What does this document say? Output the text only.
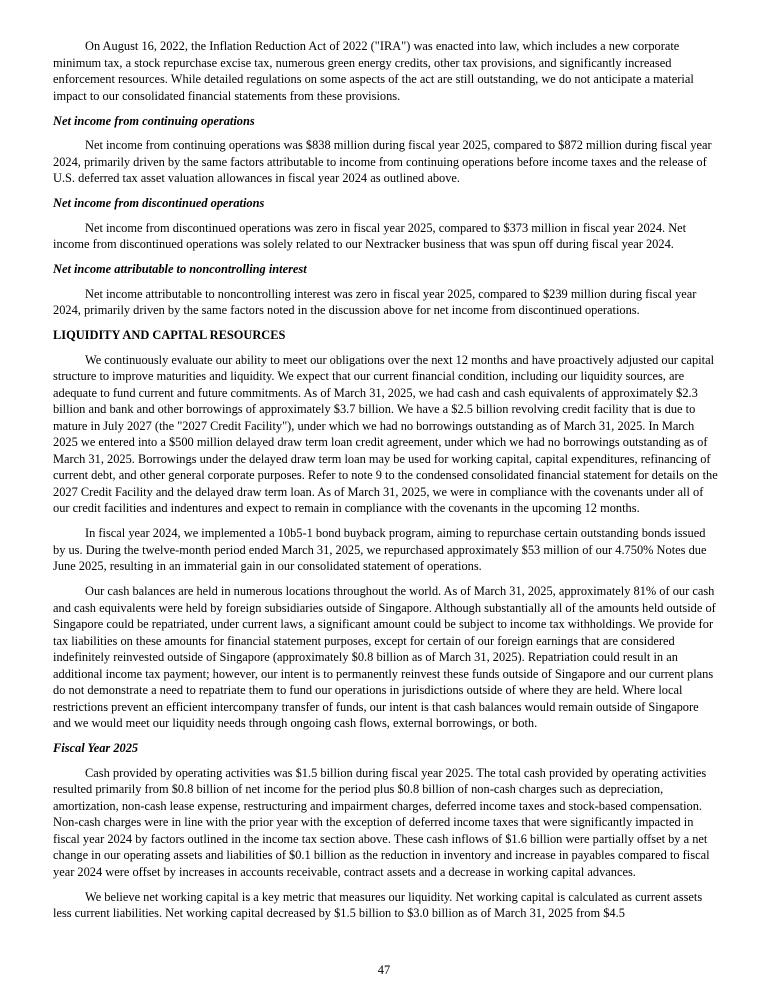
On August 16, 2022, the Inflation Reduction Act of 2022 ("IRA") was enacted into law, which includes a new corporate minimum tax, a stock repurchase excise tax, numerous green energy credits, other tax provisions, and significantly increased enforcement resources. While detailed regulations on some aspects of the act are still outstanding, we do not anticipate a material impact to our consolidated financial statements from these provisions.

Net income from continuing operations

Net income from continuing operations was $838 million during fiscal year 2025, compared to $872 million during fiscal year 2024, primarily driven by the same factors attributable to income from continuing operations before income taxes and the release of U.S. deferred tax asset valuation allowances in fiscal year 2024 as outlined above.

Net income from discontinued operations

Net income from discontinued operations was zero in fiscal year 2025, compared to $373 million in fiscal year 2024. Net income from discontinued operations was solely related to our Nextracker business that was spun off during fiscal year 2024.

Net income attributable to noncontrolling interest

Net income attributable to noncontrolling interest was zero in fiscal year 2025, compared to $239 million during fiscal year 2024, primarily driven by the same factors noted in the discussion above for net income from discontinued operations.

LIQUIDITY AND CAPITAL RESOURCES

We continuously evaluate our ability to meet our obligations over the next 12 months and have proactively adjusted our capital structure to improve maturities and liquidity. We expect that our current financial condition, including our liquidity sources, are adequate to fund current and future commitments. As of March 31, 2025, we had cash and cash equivalents of approximately $2.3 billion and bank and other borrowings of approximately $3.7 billion. We have a $2.5 billion revolving credit facility that is due to mature in July 2027 (the "2027 Credit Facility"), under which we had no borrowings outstanding as of March 31, 2025. In March 2025 we entered into a $500 million delayed draw term loan credit agreement, under which we had no borrowings outstanding as of March 31, 2025. Borrowings under the delayed draw term loan may be used for working capital, capital expenditures, refinancing of current debt, and other general corporate purposes. Refer to note 9 to the condensed consolidated financial statement for details on the 2027 Credit Facility and the delayed draw term loan. As of March 31, 2025, we were in compliance with the covenants under all of our credit facilities and indentures and expect to remain in compliance with the covenants in the upcoming 12 months.

In fiscal year 2024, we implemented a 10b5-1 bond buyback program, aiming to repurchase certain outstanding bonds issued by us. During the twelve-month period ended March 31, 2025, we repurchased approximately $53 million of our 4.750% Notes due June 2025, resulting in an immaterial gain in our consolidated statement of operations.

Our cash balances are held in numerous locations throughout the world. As of March 31, 2025, approximately 81% of our cash and cash equivalents were held by foreign subsidiaries outside of Singapore. Although substantially all of the amounts held outside of Singapore could be repatriated, under current laws, a significant amount could be subject to income tax withholdings. We provide for tax liabilities on these amounts for financial statement purposes, except for certain of our foreign earnings that are considered indefinitely reinvested outside of Singapore (approximately $0.8 billion as of March 31, 2025). Repatriation could result in an additional income tax payment; however, our intent is to permanently reinvest these funds outside of Singapore and our current plans do not demonstrate a need to repatriate them to fund our operations in jurisdictions outside of where they are held. Where local restrictions prevent an efficient intercompany transfer of funds, our intent is that cash balances would remain outside of Singapore and we would meet our liquidity needs through ongoing cash flows, external borrowings, or both.

Fiscal Year 2025

Cash provided by operating activities was $1.5 billion during fiscal year 2025. The total cash provided by operating activities resulted primarily from $0.8 billion of net income for the period plus $0.8 billion of non-cash charges such as depreciation, amortization, non-cash lease expense, restructuring and impairment charges, deferred income taxes and stock-based compensation. Non-cash charges were in line with the prior year with the exception of deferred income taxes that were significantly impacted in fiscal year 2024 by factors outlined in the income tax section above. These cash inflows of $1.6 billion were partially offset by a net change in our operating assets and liabilities of $0.1 billion as the reduction in inventory and increase in payables compared to fiscal year 2024 were offset by increases in accounts receivable, contract assets and a decrease in working capital advances.

We believe net working capital is a key metric that measures our liquidity. Net working capital is calculated as current assets less current liabilities. Net working capital decreased by $1.5 billion to $3.0 billion as of March 31, 2025 from $4.5

47
